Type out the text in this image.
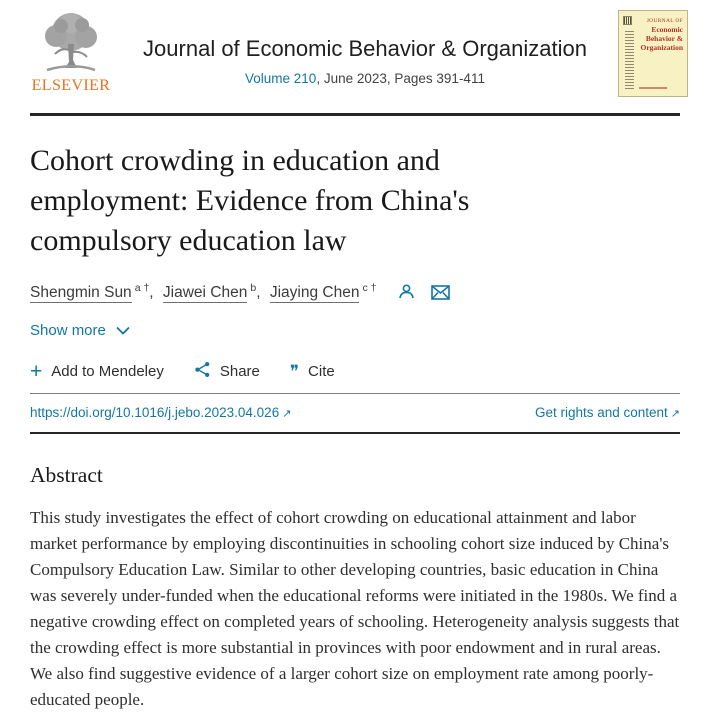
ELSEVIER
Journal of Economic Behavior & Organization
Volume 210, June 2023, Pages 391-411
JOURNAL OF
Economic
Behavior &
Organization
Cohort crowding in education and employment: Evidence from China's compulsory education law
Shengmin Sun $^{a \dagger}$, Jiawei Chen $^b$, Jiaying Chen $^{c \dagger}$
Show more
+ Add to Mendeley	Share ❞ Cite
https://doi.org/10.1016/j.jebo.2023.04.026 ↗	Get rights and content ↗
Abstract

This study investigates the effect of cohort crowding on educational attainment and labor market performance by employing discontinuities in schooling cohort size induced by China's Compulsory Education Law. Similar to other developing countries, basic education in China was severely under-funded when the educational reforms were initiated in the 1980s. We find a negative crowding effect on completed years of schooling. Heterogeneity analysis suggests that the crowding effect is more substantial in provinces with poor endowment and in rural areas. We also find suggestive evidence of a larger cohort size on employment rate among poorly-educated people.
